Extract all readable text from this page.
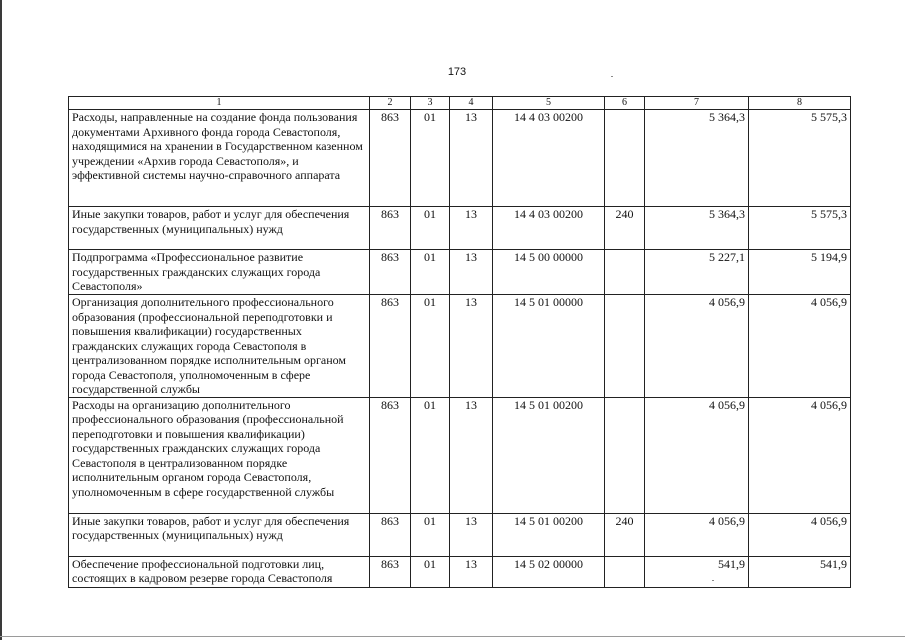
173
1	2	3	4	5	6	7	8
Расходы, направленные на создание фонда пользования документами Архивного фонда города Севастополя, находящимися на хранении в Государственном казенном учреждении «Архив города Севастополя», и эффективной системы научно-справочного аппарата	863	01	13	14 4 03 00200		5 364,3	5 575,3
Иные закупки товаров, работ и услуг для обеспечения государственных (муниципальных) нужд	863	01	13	14 4 03 00200	240	5 364,3	5 575,3
Подпрограмма «Профессиональное развитие государственных гражданских служащих города Севастополя»	863	01	13	14 5 00 00000		5 227,1	5 194,9
Организация дополнительного профессионального образования (профессиональной переподготовки и повышения квалификации) государственных гражданских служащих города Севастополя в централизованном порядке исполнительным органом города Севастополя, уполномоченным в сфере государственной службы	863	01	13	14 5 01 00000		4 056,9	4 056,9
Расходы на организацию дополнительного профессионального образования (профессиональной переподготовки и повышения квалификации) государственных гражданских служащих города Севастополя в централизованном порядке исполнительным органом города Севастополя, уполномоченным в сфере государственной службы	863	01	13	14 5 01 00200		4 056,9	4 056,9
Иные закупки товаров, работ и услуг для обеспечения государственных (муниципальных) нужд	863	01	13	14 5 01 00200	240	4 056,9	4 056,9
Обеспечение профессиональной подготовки лиц, состоящих в кадровом резерве города Севастополя	863	01	13	14 5 02 00000		541,9	541,9
